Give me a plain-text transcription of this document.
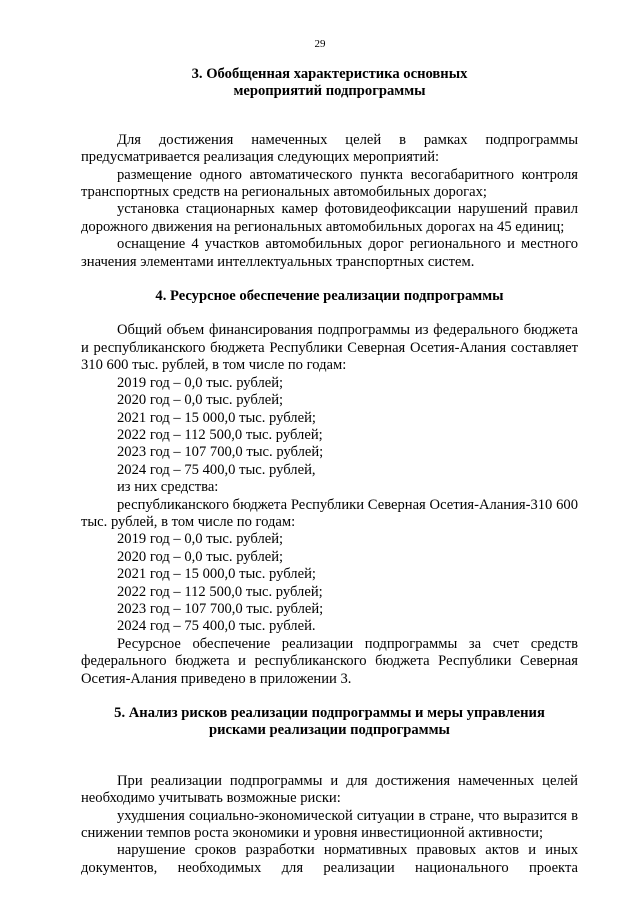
29
3. Обобщенная характеристика основных
мероприятий подпрограммы

Для достижения намеченных целей в рамках подпрограммы предусматривается реализация следующих мероприятий:

размещение одного автоматического пункта весогабаритного контроля транспортных средств на региональных автомобильных дорогах;

установка стационарных камер фотовидеофиксации нарушений правил дорожного движения на региональных автомобильных дорогах на 45 единиц;

оснащение 4 участков автомобильных дорог регионального и местного значения элементами интеллектуальных транспортных систем.

4. Ресурсное обеспечение реализации подпрограммы

Общий объем финансирования подпрограммы из федерального бюджета и республиканского бюджета Республики Северная Осетия-Алания составляет 310 600 тыс. рублей, в том числе по годам:

2019 год – 0,0 тыс. рублей;
2020 год – 0,0 тыс. рублей;
2021 год – 15 000,0 тыс. рублей;
2022 год – 112 500,0 тыс. рублей;
2023 год – 107 700,0 тыс. рублей;
2024 год – 75 400,0 тыс. рублей,
из них средства:

республиканского бюджета Республики Северная Осетия-Алания-310 600 тыс. рублей, в том числе по годам:

2019 год – 0,0 тыс. рублей;
2020 год – 0,0 тыс. рублей;
2021 год – 15 000,0 тыс. рублей;
2022 год – 112 500,0 тыс. рублей;
2023 год – 107 700,0 тыс. рублей;
2024 год – 75 400,0 тыс. рублей.

Ресурсное обеспечение реализации подпрограммы за счет средств федерального бюджета и республиканского бюджета Республики Северная Осетия-Алания приведено в приложении 3.

5. Анализ рисков реализации подпрограммы и меры управления
рисками реализации подпрограммы

При реализации подпрограммы и для достижения намеченных целей необходимо учитывать возможные риски:

ухудшения социально-экономической ситуации в стране, что выразится в снижении темпов роста экономики и уровня инвестиционной активности;

нарушение сроков разработки нормативных правовых актов и иных документов, необходимых для реализации национального проекта
